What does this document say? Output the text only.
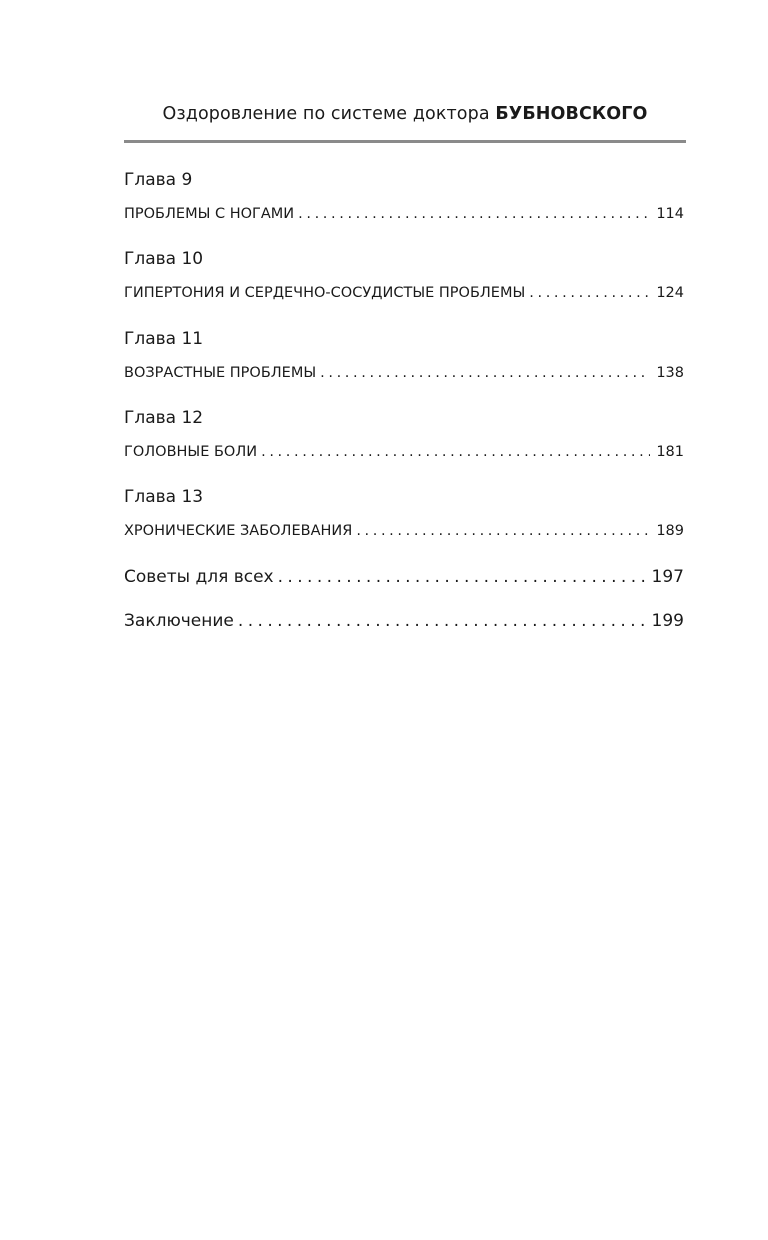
Оздоровление по системе доктора БУБНОВСКОГО
Глава 9
ПРОБЛЕМЫ С НОГАМИ . . .	114
Глава 10
ГИПЕРТОНИЯ И СЕРДЕЧНО-СОСУДИСТЫЕ ПРОБЛЕМЫ . . .	124
Глава 11
ВОЗРАСТНЫЕ ПРОБЛЕМЫ . . .	138
Глава 12
ГОЛОВНЫЕ БОЛИ . . .	181
Глава 13
ХРОНИЧЕСКИЕ ЗАБОЛЕВАНИЯ . . .	189
Советы для всех . . .	197
Заключение . . .	199
